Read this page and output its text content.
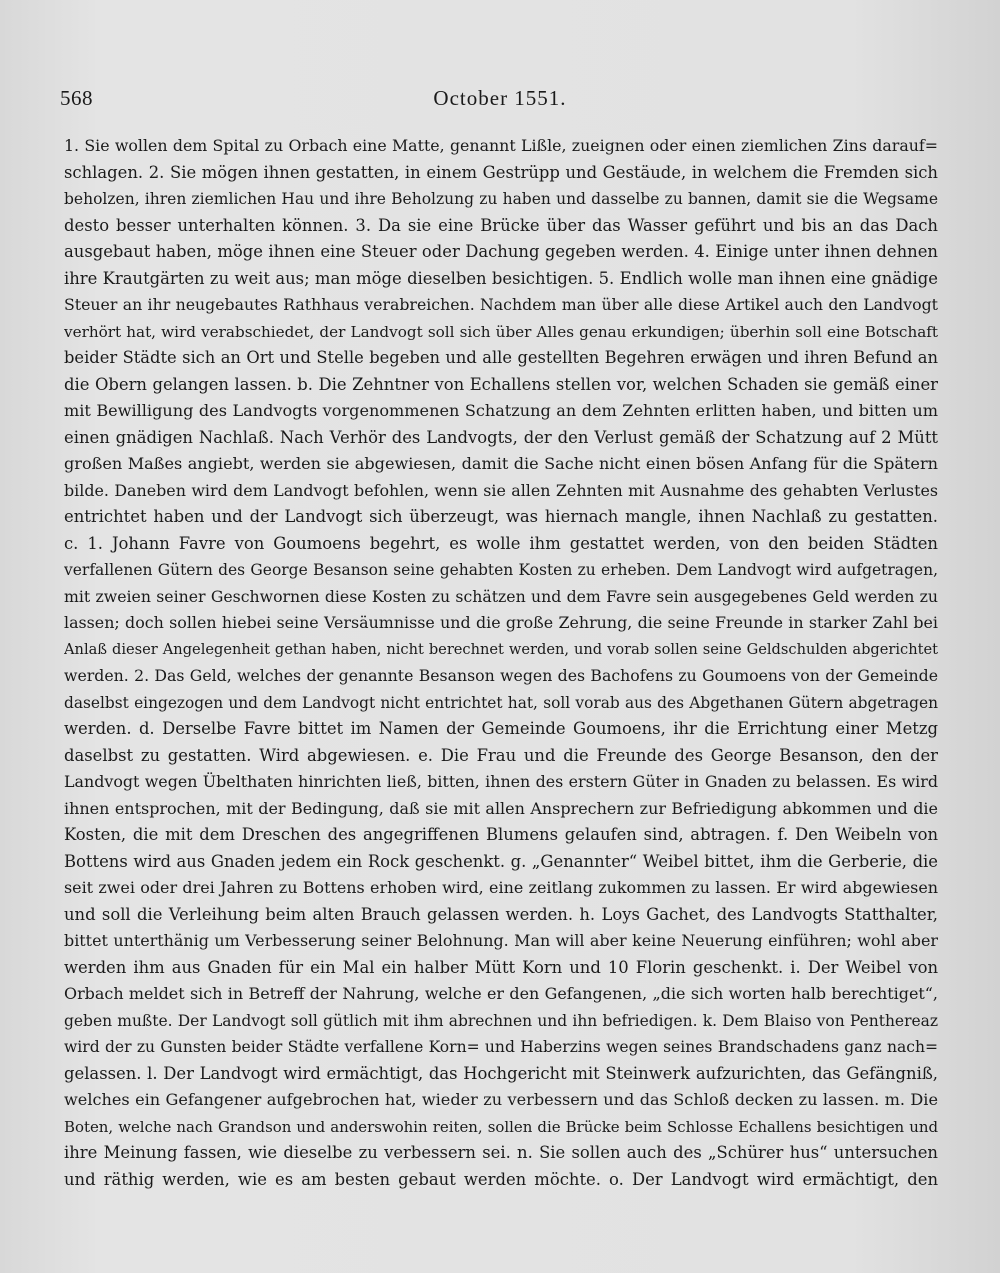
568	October 1551.
1. Sie wollen dem Spital zu Orbach eine Matte, genannt Lißle, zueignen oder einen ziemlichen Zins darauf=
schlagen. 2. Sie mögen ihnen gestatten, in einem Gestrüpp und Gestäude, in welchem die Fremden sich
beholzen, ihren ziemlichen Hau und ihre Beholzung zu haben und dasselbe zu bannen, damit sie die Wegsame
desto besser unterhalten können. 3. Da sie eine Brücke über das Wasser geführt und bis an das Dach
ausgebaut haben, möge ihnen eine Steuer oder Dachung gegeben werden. 4. Einige unter ihnen dehnen
ihre Krautgärten zu weit aus; man möge dieselben besichtigen. 5. Endlich wolle man ihnen eine gnädige
Steuer an ihr neugebautes Rathhaus verabreichen. Nachdem man über alle diese Artikel auch den Landvogt
verhört hat, wird verabschiedet, der Landvogt soll sich über Alles genau erkundigen; überhin soll eine Botschaft
beider Städte sich an Ort und Stelle begeben und alle gestellten Begehren erwägen und ihren Befund an
die Obern gelangen lassen. b. Die Zehntner von Echallens stellen vor, welchen Schaden sie gemäß einer
mit Bewilligung des Landvogts vorgenommenen Schatzung an dem Zehnten erlitten haben, und bitten um
einen gnädigen Nachlaß. Nach Verhör des Landvogts, der den Verlust gemäß der Schatzung auf 2 Mütt
großen Maßes angiebt, werden sie abgewiesen, damit die Sache nicht einen bösen Anfang für die Spätern
bilde. Daneben wird dem Landvogt befohlen, wenn sie allen Zehnten mit Ausnahme des gehabten Verlustes
entrichtet haben und der Landvogt sich überzeugt, was hiernach mangle, ihnen Nachlaß zu gestatten.
c. 1. Johann Favre von Goumoens begehrt, es wolle ihm gestattet werden, von den beiden Städten
verfallenen Gütern des George Besanson seine gehabten Kosten zu erheben. Dem Landvogt wird aufgetragen,
mit zweien seiner Geschwornen diese Kosten zu schätzen und dem Favre sein ausgegebenes Geld werden zu
lassen; doch sollen hiebei seine Versäumnisse und die große Zehrung, die seine Freunde in starker Zahl bei
Anlaß dieser Angelegenheit gethan haben, nicht berechnet werden, und vorab sollen seine Geldschulden abgerichtet
werden. 2. Das Geld, welches der genannte Besanson wegen des Bachofens zu Goumoens von der Gemeinde
daselbst eingezogen und dem Landvogt nicht entrichtet hat, soll vorab aus des Abgethanen Gütern abgetragen
werden. d. Derselbe Favre bittet im Namen der Gemeinde Goumoens, ihr die Errichtung einer Metzg
daselbst zu gestatten. Wird abgewiesen. e. Die Frau und die Freunde des George Besanson, den der
Landvogt wegen Übelthaten hinrichten ließ, bitten, ihnen des erstern Güter in Gnaden zu belassen. Es wird
ihnen entsprochen, mit der Bedingung, daß sie mit allen Ansprechern zur Befriedigung abkommen und die
Kosten, die mit dem Dreschen des angegriffenen Blumens gelaufen sind, abtragen. f. Den Weibeln von
Bottens wird aus Gnaden jedem ein Rock geschenkt. g. „Genannter“ Weibel bittet, ihm die Gerberie, die
seit zwei oder drei Jahren zu Bottens erhoben wird, eine zeitlang zukommen zu lassen. Er wird abgewiesen
und soll die Verleihung beim alten Brauch gelassen werden. h. Loys Gachet, des Landvogts Statthalter,
bittet unterthänig um Verbesserung seiner Belohnung. Man will aber keine Neuerung einführen; wohl aber
werden ihm aus Gnaden für ein Mal ein halber Mütt Korn und 10 Florin geschenkt. i. Der Weibel von
Orbach meldet sich in Betreff der Nahrung, welche er den Gefangenen, „die sich worten halb berechtiget“,
geben mußte. Der Landvogt soll gütlich mit ihm abrechnen und ihn befriedigen. k. Dem Blaiso von Penthereaz
wird der zu Gunsten beider Städte verfallene Korn= und Haberzins wegen seines Brandschadens ganz nach=
gelassen. l. Der Landvogt wird ermächtigt, das Hochgericht mit Steinwerk aufzurichten, das Gefängniß,
welches ein Gefangener aufgebrochen hat, wieder zu verbessern und das Schloß decken zu lassen. m. Die
Boten, welche nach Grandson und anderswohin reiten, sollen die Brücke beim Schlosse Echallens besichtigen und
ihre Meinung fassen, wie dieselbe zu verbessern sei. n. Sie sollen auch des „Schürer hus“ untersuchen
und räthig werden, wie es am besten gebaut werden möchte. o. Der Landvogt wird ermächtigt, den
